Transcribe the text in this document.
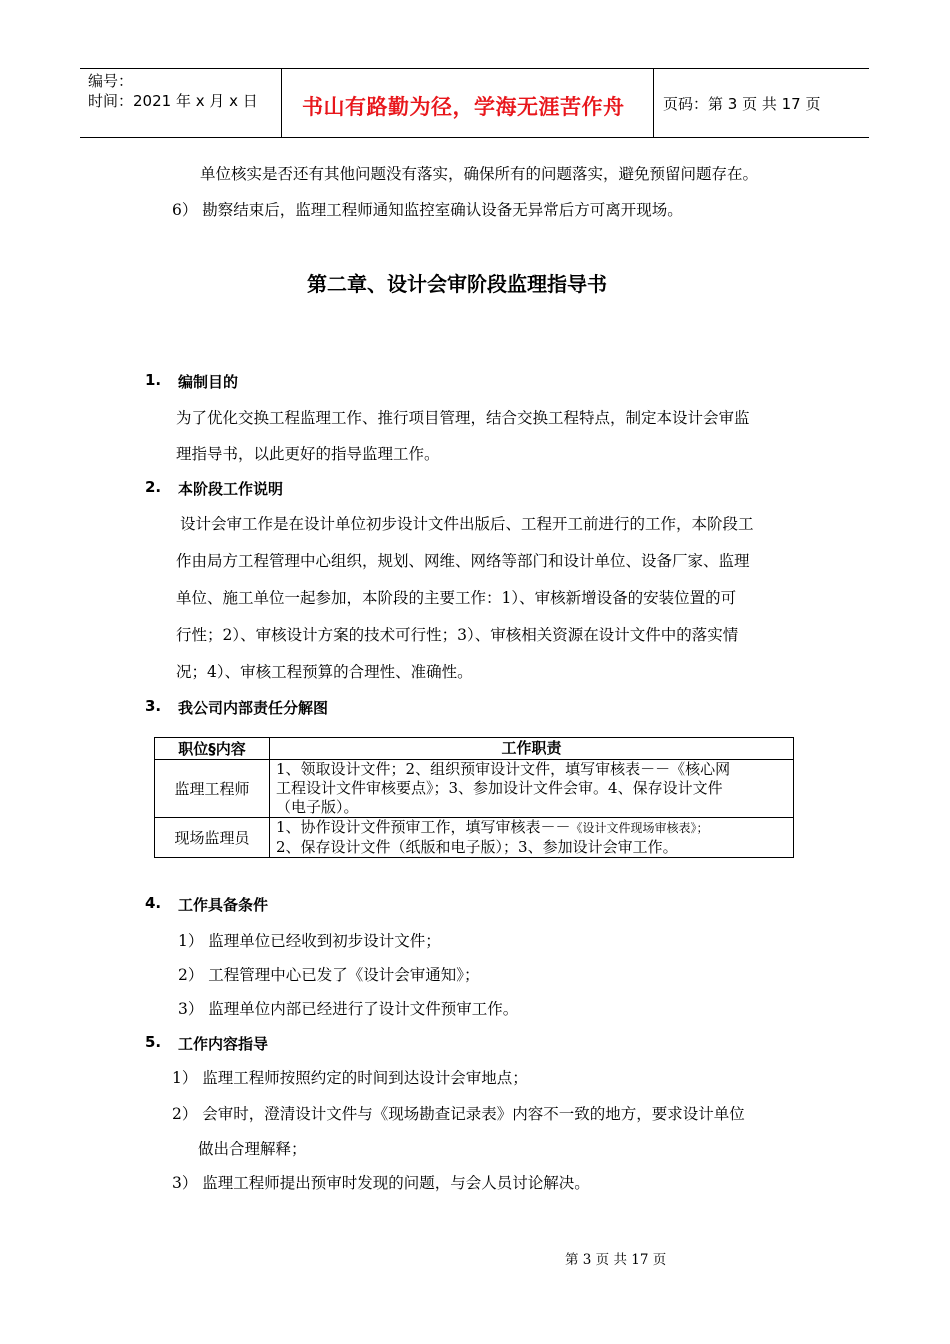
编号：
时间：2021 年 x 月 x 日 书山有路勤为径，学海无涯苦作舟	页码：第 3 页 共 17 页
单位核实是否还有其他问题没有落实，确保所有的问题落实，避免预留问题存在。
6） 勘察结束后，监理工程师通知监控室确认设备无异常后方可离开现场。
第二章、设计会审阶段监理指导书
1. 编制目的
为了优化交换工程监理工作、推行项目管理，结合交换工程特点，制定本设计会审监
理指导书，以此更好的指导监理工作。
2. 本阶段工作说明
设计会审工作是在设计单位初步设计文件出版后、工程开工前进行的工作，本阶段工
作由局方工程管理中心组织，规划、网维、网络等部门和设计单位、设备厂家、监理
单位、施工单位一起参加，本阶段的主要工作：1）、审核新增设备的安装位置的可
行性；2）、审核设计方案的技术可行性；3）、审核相关资源在设计文件中的落实情
况；4）、审核工程预算的合理性、准确性。
3. 我公司内部责任分解图
职位§内容	工作职责
监理工程师	1、领取设计文件；2、组织预审设计文件，填写审核表－－《核心网
工程设计文件审核要点》；3、参加设计文件会审。4、保存设计文件
（电子版）。

现场监理员	1、协作设计文件预审工作，填写审核表－－《设计文件现场审核表》；
2、保存设计文件（纸版和电子版）；3、参加设计会审工作。
4. 工作具备条件
1） 监理单位已经收到初步设计文件；
2） 工程管理中心已发了《设计会审通知》；
3） 监理单位内部已经进行了设计文件预审工作。
5. 工作内容指导
1） 监理工程师按照约定的时间到达设计会审地点；
2） 会审时，澄清设计文件与《现场勘查记录表》内容不一致的地方，要求设计单位
做出合理解释；
3） 监理工程师提出预审时发现的问题，与会人员讨论解决。
第 3 页 共 17 页
